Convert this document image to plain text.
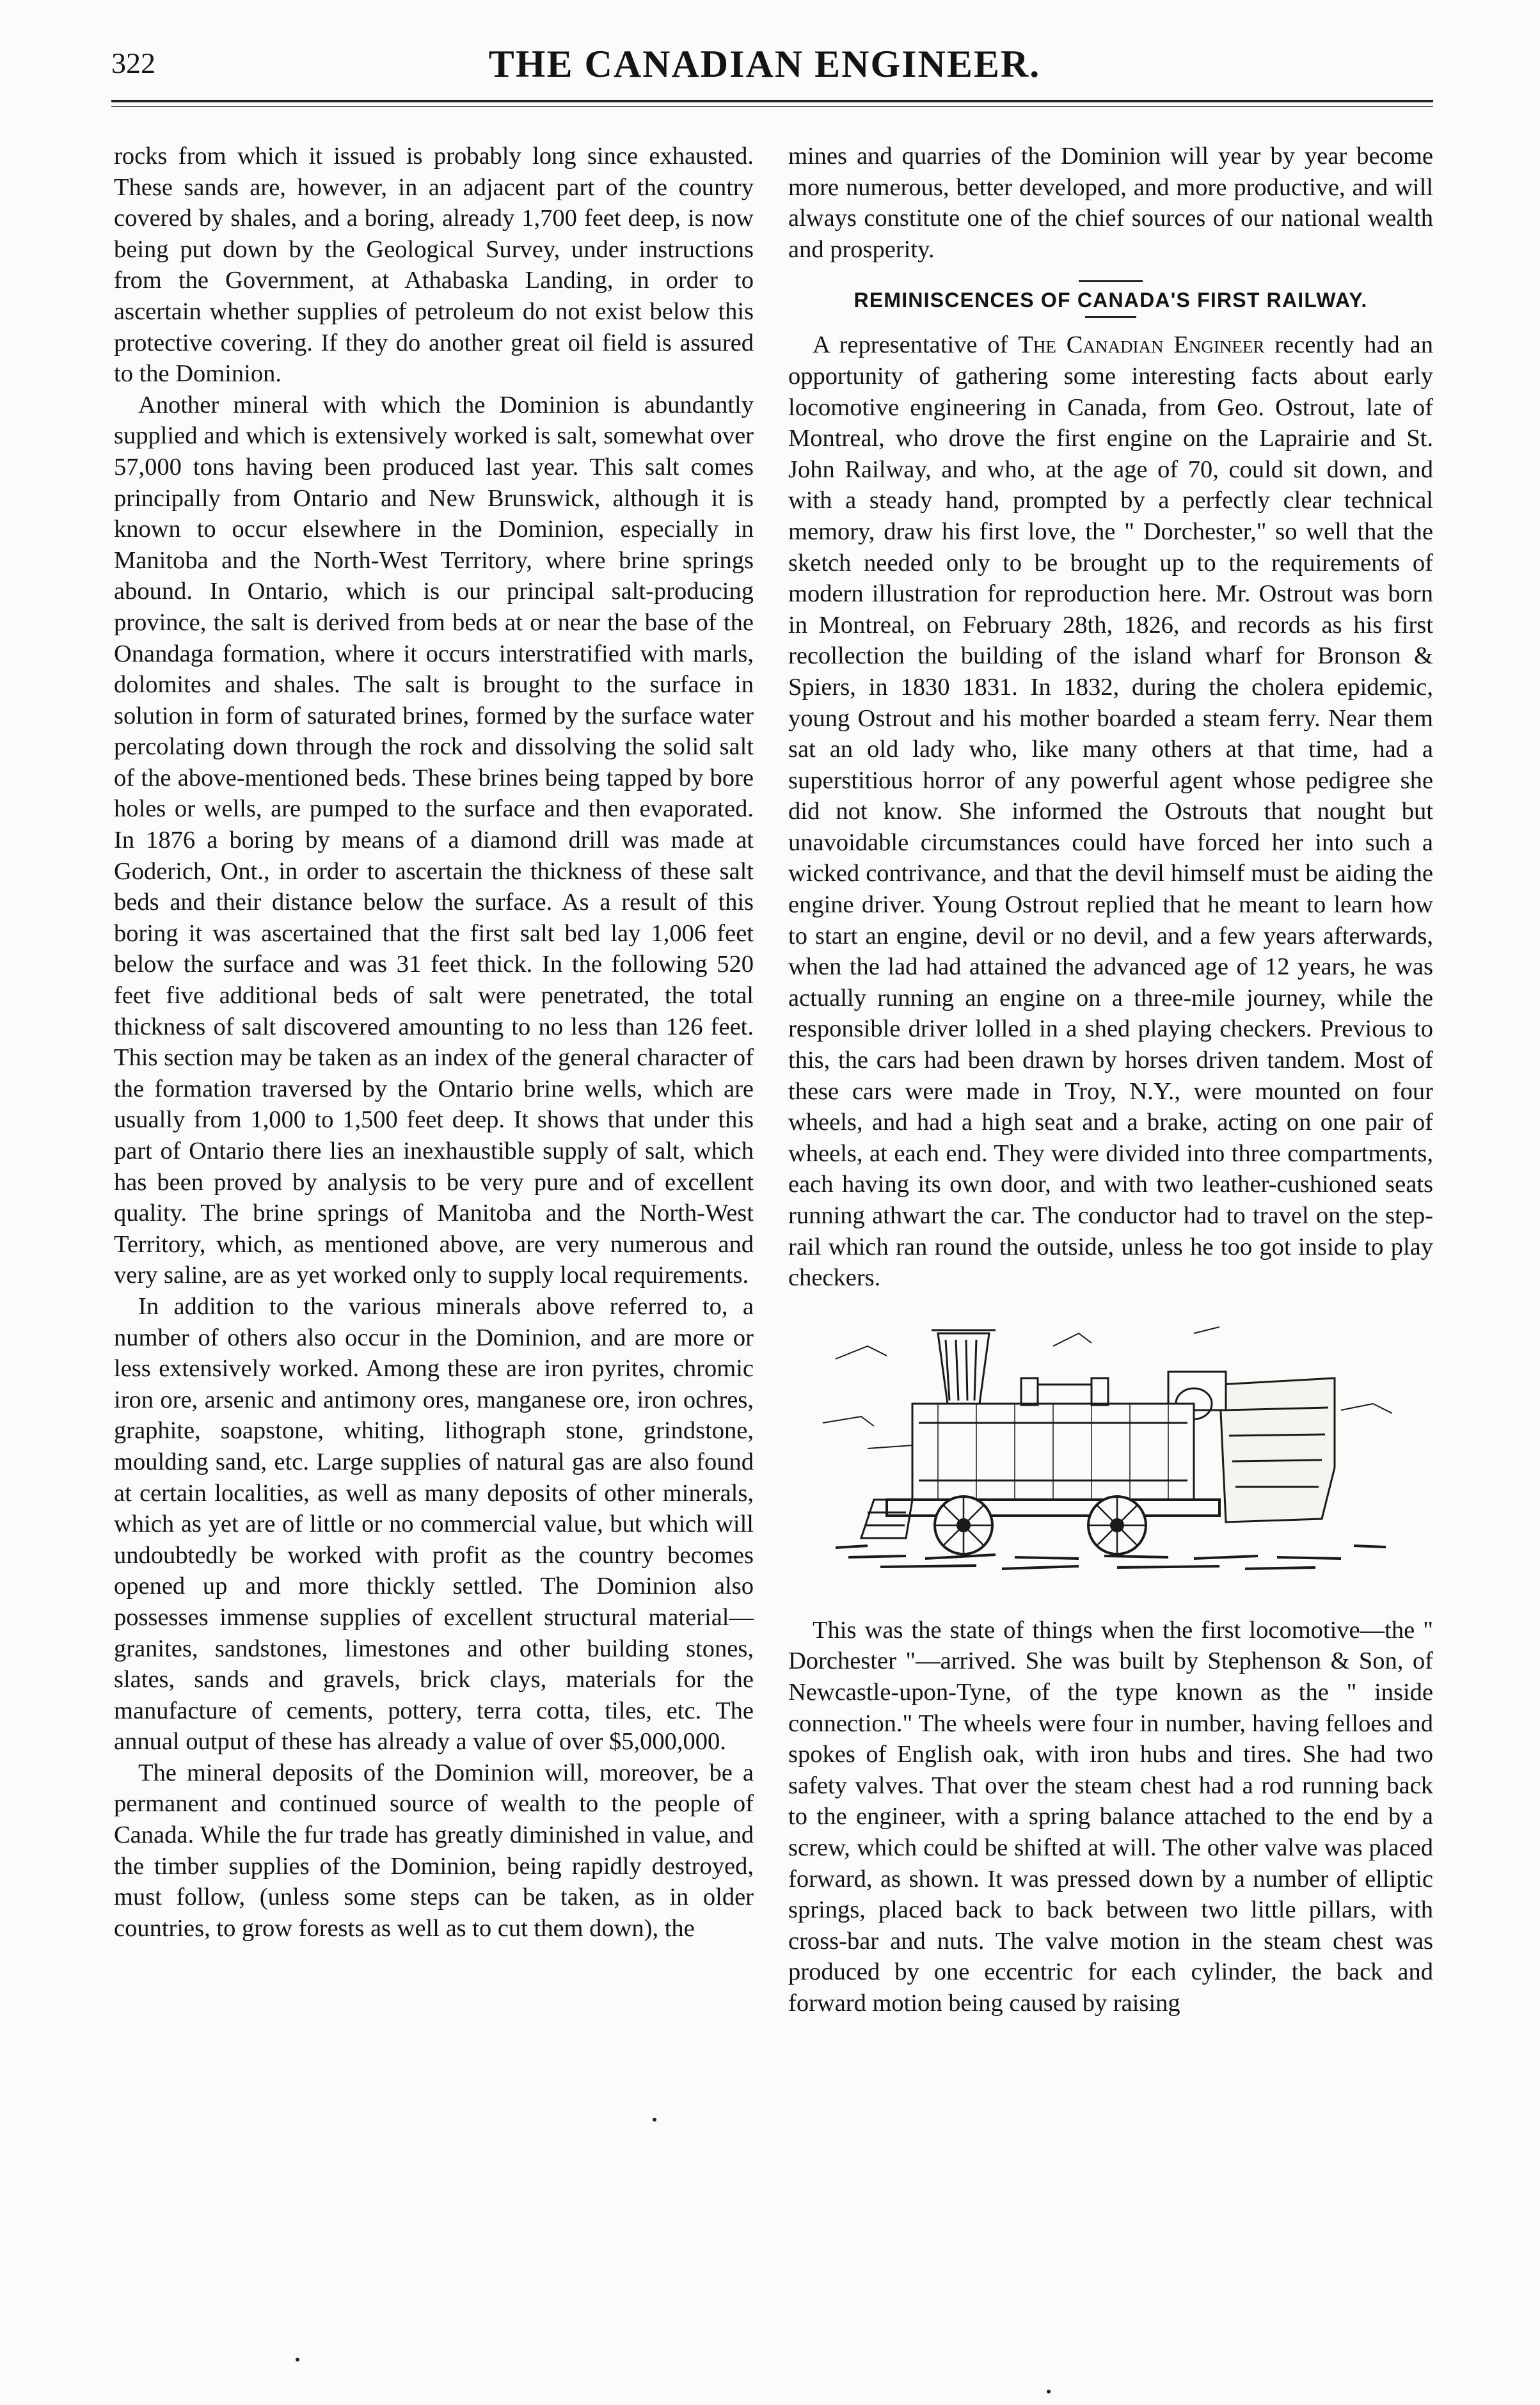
322	THE CANADIAN ENGINEER.

rocks from which it issued is probably long since exhausted. These sands are, however, in an adjacent part of the country covered by shales, and a boring, already 1,700 feet deep, is now being put down by the Geological Survey, under instructions from the Government, at Athabaska Landing, in order to ascertain whether supplies of petroleum do not exist below this protective covering. If they do another great oil field is assured to the Dominion.

Another mineral with which the Dominion is abundantly supplied and which is extensively worked is salt, somewhat over 57,000 tons having been produced last year. This salt comes principally from Ontario and New Brunswick, although it is known to occur elsewhere in the Dominion, especially in Manitoba and the North-West Territory, where brine springs abound. In Ontario, which is our principal salt-producing province, the salt is derived from beds at or near the base of the Onandaga formation, where it occurs interstratified with marls, dolomites and shales. The salt is brought to the surface in solution in form of saturated brines, formed by the surface water percolating down through the rock and dissolving the solid salt of the above-mentioned beds. These brines being tapped by bore holes or wells, are pumped to the surface and then evaporated. In 1876 a boring by means of a diamond drill was made at Goderich, Ont., in order to ascertain the thickness of these salt beds and their distance below the surface. As a result of this boring it was ascertained that the first salt bed lay 1,006 feet below the surface and was 31 feet thick. In the following 520 feet five additional beds of salt were penetrated, the total thickness of salt discovered amounting to no less than 126 feet. This section may be taken as an index of the general character of the formation traversed by the Ontario brine wells, which are usually from 1,000 to 1,500 feet deep. It shows that under this part of Ontario there lies an inexhaustible supply of salt, which has been proved by analysis to be very pure and of excellent quality. The brine springs of Manitoba and the North-West Territory, which, as mentioned above, are very numerous and very saline, are as yet worked only to supply local requirements.

In addition to the various minerals above referred to, a number of others also occur in the Dominion, and are more or less extensively worked. Among these are iron pyrites, chromic iron ore, arsenic and antimony ores, manganese ore, iron ochres, graphite, soapstone, whiting, lithograph stone, grindstone, moulding sand, etc. Large supplies of natural gas are also found at certain localities, as well as many deposits of other minerals, which as yet are of little or no commercial value, but which will undoubtedly be worked with profit as the country becomes opened up and more thickly settled. The Dominion also possesses immense supplies of excellent structural material—granites, sandstones, limestones and other building stones, slates, sands and gravels, brick clays, materials for the manufacture of cements, pottery, terra cotta, tiles, etc. The annual output of these has already a value of over $5,000,000.

The mineral deposits of the Dominion will, moreover, be a permanent and continued source of wealth to the people of Canada. While the fur trade has greatly diminished in value, and the timber supplies of the Dominion, being rapidly destroyed, must follow, (unless some steps can be taken, as in older countries, to grow forests as well as to cut them down), the

mines and quarries of the Dominion will year by year become more numerous, better developed, and more productive, and will always constitute one of the chief sources of our national wealth and prosperity.

REMINISCENCES OF CANADA'S FIRST RAILWAY.

A representative of The Canadian Engineer recently had an opportunity of gathering some interesting facts about early locomotive engineering in Canada, from Geo. Ostrout, late of Montreal, who drove the first engine on the Laprairie and St. John Railway, and who, at the age of 70, could sit down, and with a steady hand, prompted by a perfectly clear technical memory, draw his first love, the " Dorchester," so well that the sketch needed only to be brought up to the requirements of modern illustration for reproduction here. Mr. Ostrout was born in Montreal, on February 28th, 1826, and records as his first recollection the building of the island wharf for Bronson & Spiers, in 1830 1831. In 1832, during the cholera epidemic, young Ostrout and his mother boarded a steam ferry. Near them sat an old lady who, like many others at that time, had a superstitious horror of any powerful agent whose pedigree she did not know. She informed the Ostrouts that nought but unavoidable circumstances could have forced her into such a wicked contrivance, and that the devil himself must be aiding the engine driver. Young Ostrout replied that he meant to learn how to start an engine, devil or no devil, and a few years afterwards, when the lad had attained the advanced age of 12 years, he was actually running an engine on a three-mile journey, while the responsible driver lolled in a shed playing checkers. Previous to this, the cars had been drawn by horses driven tandem. Most of these cars were made in Troy, N.Y., were mounted on four wheels, and had a high seat and a brake, acting on one pair of wheels, at each end. They were divided into three compartments, each having its own door, and with two leather-cushioned seats running athwart the car. The conductor had to travel on the step-rail which ran round the outside, unless he too got inside to play checkers.

This was the state of things when the first locomotive—the " Dorchester "—arrived. She was built by Stephenson & Son, of Newcastle-upon-Tyne, of the type known as the " inside connection." The wheels were four in number, having felloes and spokes of English oak, with iron hubs and tires. She had two safety valves. That over the steam chest had a rod running back to the engineer, with a spring balance attached to the end by a screw, which could be shifted at will. The other valve was placed forward, as shown. It was pressed down by a number of elliptic springs, placed back to back between two little pillars, with cross-bar and nuts. The valve motion in the steam chest was produced by one eccentric for each cylinder, the back and forward motion being caused by raising
